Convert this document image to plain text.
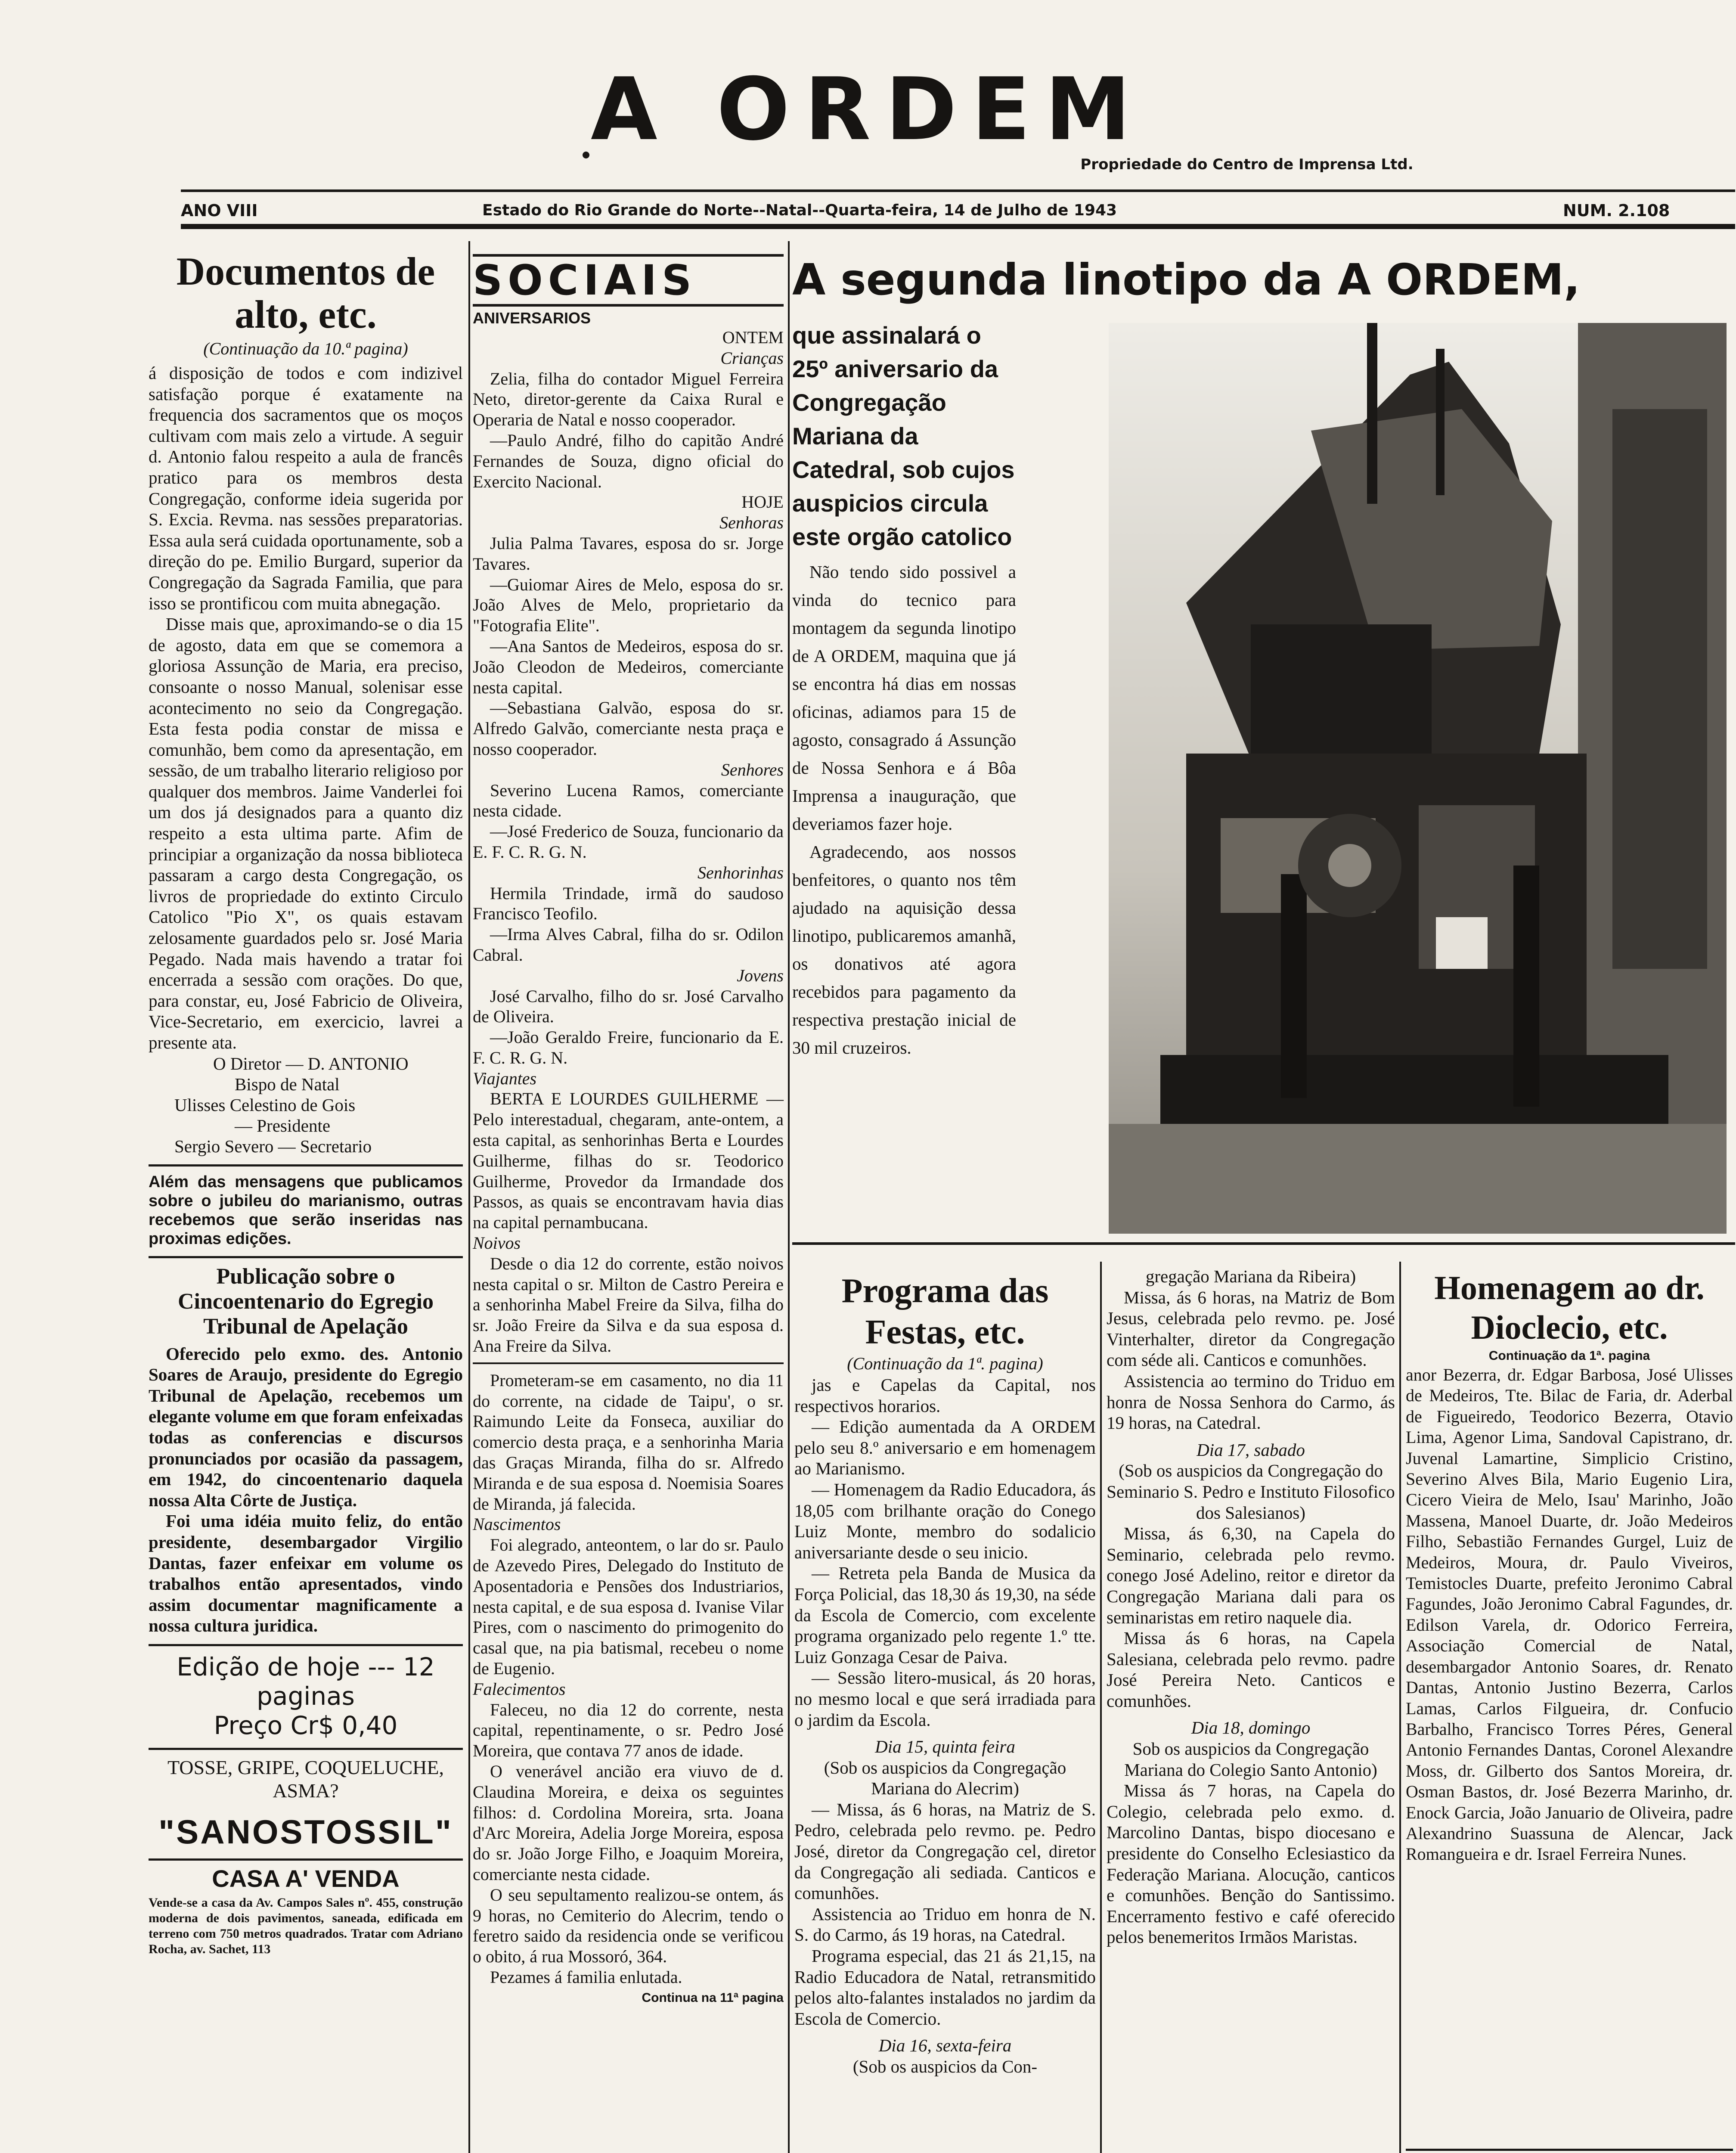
A ORDEM
Propriedade do Centro de Imprensa Ltd.
ANO VIII	Estado do Rio Grande do Norte--Natal--Quarta-feira, 14 de Julho de 1943	NUM. 2.108
Documentos de alto, etc.
(Continuação da 10.ª pagina)

á disposição de todos e com indizivel satisfação porque é exatamente na frequencia dos sacramentos que os moços cultivam com mais zelo a virtude. A seguir d. Antonio falou respeito a aula de francês pratico para os membros desta Congregação, conforme ideia sugerida por S. Excia. Revma. nas sessões preparatorias. Essa aula será cuidada oportunamente, sob a direção do pe. Emilio Burgard, superior da Congregação da Sagrada Familia, que para isso se prontificou com muita abnegação.

Disse mais que, aproximando-se o dia 15 de agosto, data em que se comemora a gloriosa Assunção de Maria, era preciso, consoante o nosso Manual, solenisar esse acontecimento no seio da Congregação. Esta festa podia constar de missa e comunhão, bem como da apresentação, em sessão, de um trabalho literario religioso por qualquer dos membros. Jaime Vanderlei foi um dos já designados para a quanto diz respeito a esta ultima parte. Afim de principiar a organização da nossa biblioteca passaram a cargo desta Congregação, os livros de propriedade do extinto Circulo Catolico "Pio X", os quais estavam zelosamente guardados pelo sr. José Maria Pegado. Nada mais havendo a tratar foi encerrada a sessão com orações. Do que, para constar, eu, José Fabricio de Oliveira, Vice-Secretario, em exercicio, lavrei a presente ata.

O Diretor — D. ANTONIO
Bispo de Natal
Ulisses Celestino de Gois
— Presidente
Sergio Severo — Secretario
Além das mensagens que publicamos sobre o jubileu do marianismo, outras recebemos que serão inseridas nas proximas edições.
Publicação sobre o Cincoentenario do Egregio Tribunal de Apelação

Oferecido pelo exmo. des. Antonio Soares de Araujo, presidente do Egregio Tribunal de Apelação, recebemos um elegante volume em que foram enfeixadas todas as conferencias e discursos pronunciados por ocasião da passagem, em 1942, do cincoentenario daquela nossa Alta Côrte de Justiça.

Foi uma idéia muito feliz, do então presidente, desembargador Virgilio Dantas, fazer enfeixar em volume os trabalhos então apresentados, vindo assim documentar magnificamente a nossa cultura juridica.

Edição de hoje --- 12
paginas
Preço Cr$ 0,40
TOSSE, GRIPE, COQUELUCHE, ASMA?
"SANOSTOSSIL"
CASA A' VENDA
Vende-se a casa da Av. Campos Sales nº. 455, construção moderna de dois pavimentos, saneada, edificada em terreno com 750 metros quadrados. Tratar com Adriano Rocha, av. Sachet, 113
SOCIAIS
ANIVERSARIOS

ONTEM

Crianças

Zelia, filha do contador Miguel Ferreira Neto, diretor-gerente da Caixa Rural e Operaria de Natal e nosso cooperador.

—Paulo André, filho do capitão André Fernandes de Souza, digno oficial do Exercito Nacional.

HOJE

Senhoras

Julia Palma Tavares, esposa do sr. Jorge Tavares.

—Guiomar Aires de Melo, esposa do sr. João Alves de Melo, proprietario da "Fotografia Elite".

—Ana Santos de Medeiros, esposa do sr. João Cleodon de Medeiros, comerciante nesta capital.

—Sebastiana Galvão, esposa do sr. Alfredo Galvão, comerciante nesta praça e nosso cooperador.

Senhores

Severino Lucena Ramos, comerciante nesta cidade.

—José Frederico de Souza, funcionario da E. F. C. R. G. N.

Senhorinhas

Hermila Trindade, irmã do saudoso Francisco Teofilo.

—Irma Alves Cabral, filha do sr. Odilon Cabral.

Jovens

José Carvalho, filho do sr. José Carvalho de Oliveira.

—João Geraldo Freire, funcionario da E. F. C. R. G. N.

Viajantes

BERTA E LOURDES GUILHERME — Pelo interestadual, chegaram, ante-ontem, a esta capital, as senhorinhas Berta e Lourdes Guilherme, filhas do sr. Teodorico Guilherme, Provedor da Irmandade dos Passos, as quais se encontravam havia dias na capital pernambucana.

Noivos

Desde o dia 12 do corrente, estão noivos nesta capital o sr. Milton de Castro Pereira e a senhorinha Mabel Freire da Silva, filha do sr. João Freire da Silva e da sua esposa d. Ana Freire da Silva.

Prometeram-se em casamento, no dia 11 do corrente, na cidade de Taipu', o sr. Raimundo Leite da Fonseca, auxiliar do comercio desta praça, e a senhorinha Maria das Graças Miranda, filha do sr. Alfredo Miranda e de sua esposa d. Noemisia Soares de Miranda, já falecida.

Nascimentos

Foi alegrado, anteontem, o lar do sr. Paulo de Azevedo Pires, Delegado do Instituto de Aposentadoria e Pensões dos Industriarios, nesta capital, e de sua esposa d. Ivanise Vilar Pires, com o nascimento do primogenito do casal que, na pia batismal, recebeu o nome de Eugenio.

Falecimentos

Faleceu, no dia 12 do corrente, nesta capital, repentinamente, o sr. Pedro José Moreira, que contava 77 anos de idade.

O venerável ancião era viuvo de d. Claudina Moreira, e deixa os seguintes filhos: d. Cordolina Moreira, srta. Joana d'Arc Moreira, Adelia Jorge Moreira, esposa do sr. João Jorge Filho, e Joaquim Moreira, comerciante nesta cidade.

O seu sepultamento realizou-se ontem, ás 9 horas, no Cemiterio do Alecrim, tendo o feretro saido da residencia onde se verificou o obito, á rua Mossoró, 364.

Pezames á familia enlutada.

Continua na 11ª pagina

A segunda linotipo da A ORDEM,
que assinalará o 25º aniversario da Congregação Mariana da Catedral, sob cujos auspicios circula este orgão catolico

Não tendo sido possivel a vinda do tecnico para montagem da segunda linotipo de A ORDEM, maquina que já se encontra há dias em nossas oficinas, adiamos para 15 de agosto, consagrado á Assunção de Nossa Senhora e á Bôa Imprensa a inauguração, que deveriamos fazer hoje.

Agradecendo, aos nossos benfeitores, o quanto nos têm ajudado na aquisição dessa linotipo, publicaremos amanhã, os donativos até agora recebidos para pagamento da respectiva prestação inicial de 30 mil cruzeiros.

Programa das Festas, etc.
(Continuação da 1ª. pagina)

jas e Capelas da Capital, nos respectivos horarios.

— Edição aumentada da A ORDEM pelo seu 8.º aniversario e em homenagem ao Marianismo.

— Homenagem da Radio Educadora, ás 18,05 com brilhante oração do Conego Luiz Monte, membro do sodalicio aniversariante desde o seu inicio.

— Retreta pela Banda de Musica da Força Policial, das 18,30 ás 19,30, na séde da Escola de Comercio, com excelente programa organizado pelo regente 1.º tte. Luiz Gonzaga Cesar de Paiva.

— Sessão litero-musical, ás 20 horas, no mesmo local e que será irradiada para o jardim da Escola.

Dia 15, quinta feira

(Sob os auspicios da Congregação Mariana do Alecrim)

— Missa, ás 6 horas, na Matriz de S. Pedro, celebrada pelo revmo. pe. Pedro José, diretor da Congregação cel, diretor da Congregação ali sediada. Canticos e comunhões.

Assistencia ao Triduo em honra de N. S. do Carmo, ás 19 horas, na Catedral.

Programa especial, das 21 ás 21,15, na Radio Educadora de Natal, retransmitido pelos alto-falantes instalados no jardim da Escola de Comercio.

Dia 16, sexta-feira

(Sob os auspicios da Con-

gregação Mariana da Ribeira)

Missa, ás 6 horas, na Matriz de Bom Jesus, celebrada pelo revmo. pe. José Vinterhalter, diretor da Congregação com séde ali. Canticos e comunhões.

Assistencia ao termino do Triduo em honra de Nossa Senhora do Carmo, ás 19 horas, na Catedral.

Dia 17, sabado

(Sob os auspicios da Congregação do Seminario S. Pedro e Instituto Filosofico dos Salesianos)

Missa, ás 6,30, na Capela do Seminario, celebrada pelo revmo. conego José Adelino, reitor e diretor da Congregação Mariana dali para os seminaristas em retiro naquele dia.

Missa ás 6 horas, na Capela Salesiana, celebrada pelo revmo. padre José Pereira Neto. Canticos e comunhões.

Dia 18, domingo

Sob os auspicios da Congregação Mariana do Colegio Santo Antonio)

Missa ás 7 horas, na Capela do Colegio, celebrada pelo exmo. d. Marcolino Dantas, bispo diocesano e presidente do Conselho Eclesiastico da Federação Mariana. Alocução, canticos e comunhões. Benção do Santissimo. Encerramento festivo e café oferecido pelos benemeritos Irmãos Maristas.

Homenagem ao dr. Dioclecio, etc.
Continuação da 1ª. pagina

anor Bezerra, dr. Edgar Barbosa, José Ulisses de Medeiros, Tte. Bilac de Faria, dr. Aderbal de Figueiredo, Teodorico Bezerra, Otavio Lima, Agenor Lima, Sandoval Capistrano, dr. Juvenal Lamartine, Simplicio Cristino, Severino Alves Bila, Mario Eugenio Lira, Cicero Vieira de Melo, Isau' Marinho, João Massena, Manoel Duarte, dr. João Medeiros Filho, Sebastião Fernandes Gurgel, Luiz de Medeiros, Moura, dr. Paulo Viveiros, Temistocles Duarte, prefeito Jeronimo Cabral Fagundes, João Jeronimo Cabral Fagundes, dr. Edilson Varela, dr. Odorico Ferreira, Associação Comercial de Natal, desembargador Antonio Soares, dr. Renato Dantas, Antonio Justino Bezerra, Carlos Lamas, Carlos Filgueira, dr. Confucio Barbalho, Francisco Torres Péres, General Antonio Fernandes Dantas, Coronel Alexandre Moss, dr. Gilberto dos Santos Moreira, dr. Osman Bastos, dr. José Bezerra Marinho, dr. Enock Garcia, João Januario de Oliveira, padre Alexandrino Suassuna de Alencar, Jack Romangueira e dr. Israel Ferreira Nunes.
